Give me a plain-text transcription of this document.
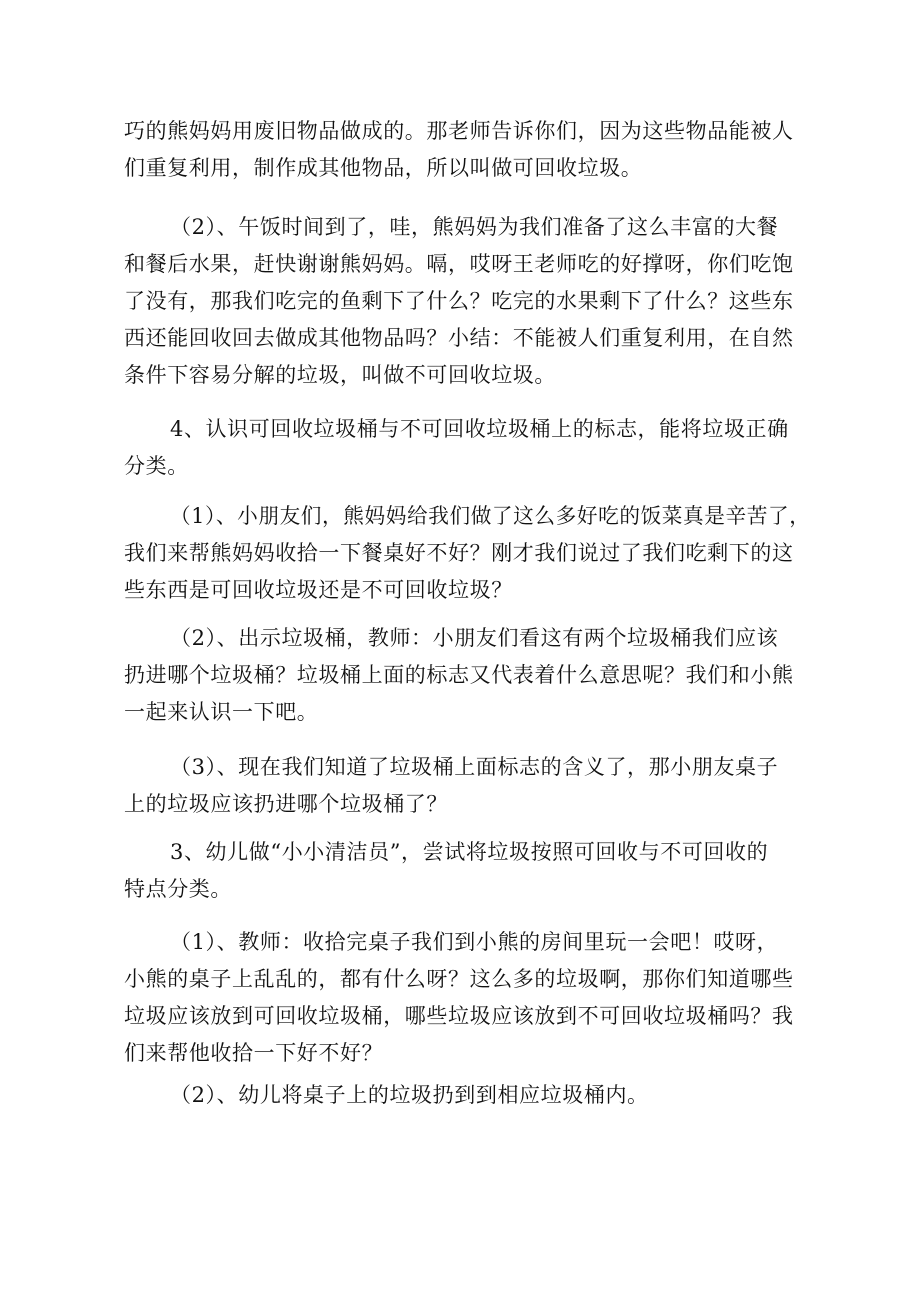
巧的熊妈妈用废旧物品做成的。那老师告诉你们，因为这些物品能被人
们重复利用，制作成其他物品，所以叫做可回收垃圾。
（2）、午饭时间到了，哇，熊妈妈为我们准备了这么丰富的大餐
和餐后水果，赶快谢谢熊妈妈。嗝，哎呀王老师吃的好撑呀，你们吃饱
了没有，那我们吃完的鱼剩下了什么？吃完的水果剩下了什么？这些东
西还能回收回去做成其他物品吗？小结：不能被人们重复利用，在自然
条件下容易分解的垃圾，叫做不可回收垃圾。
4、认识可回收垃圾桶与不可回收垃圾桶上的标志，能将垃圾正确
分类。
（1）、小朋友们，熊妈妈给我们做了这么多好吃的饭菜真是辛苦了，
我们来帮熊妈妈收拾一下餐桌好不好？刚才我们说过了我们吃剩下的这
些东西是可回收垃圾还是不可回收垃圾？
（2）、出示垃圾桶，教师：小朋友们看这有两个垃圾桶我们应该
扔进哪个垃圾桶？垃圾桶上面的标志又代表着什么意思呢？我们和小熊
一起来认识一下吧。
（3）、现在我们知道了垃圾桶上面标志的含义了，那小朋友桌子
上的垃圾应该扔进哪个垃圾桶了？
3、幼儿做“小小清洁员”，尝试将垃圾按照可回收与不可回收的
特点分类。
（1）、教师：收拾完桌子我们到小熊的房间里玩一会吧！哎呀，
小熊的桌子上乱乱的，都有什么呀？这么多的垃圾啊，那你们知道哪些
垃圾应该放到可回收垃圾桶，哪些垃圾应该放到不可回收垃圾桶吗？我
们来帮他收拾一下好不好？
（2）、幼儿将桌子上的垃圾扔到到相应垃圾桶内。
